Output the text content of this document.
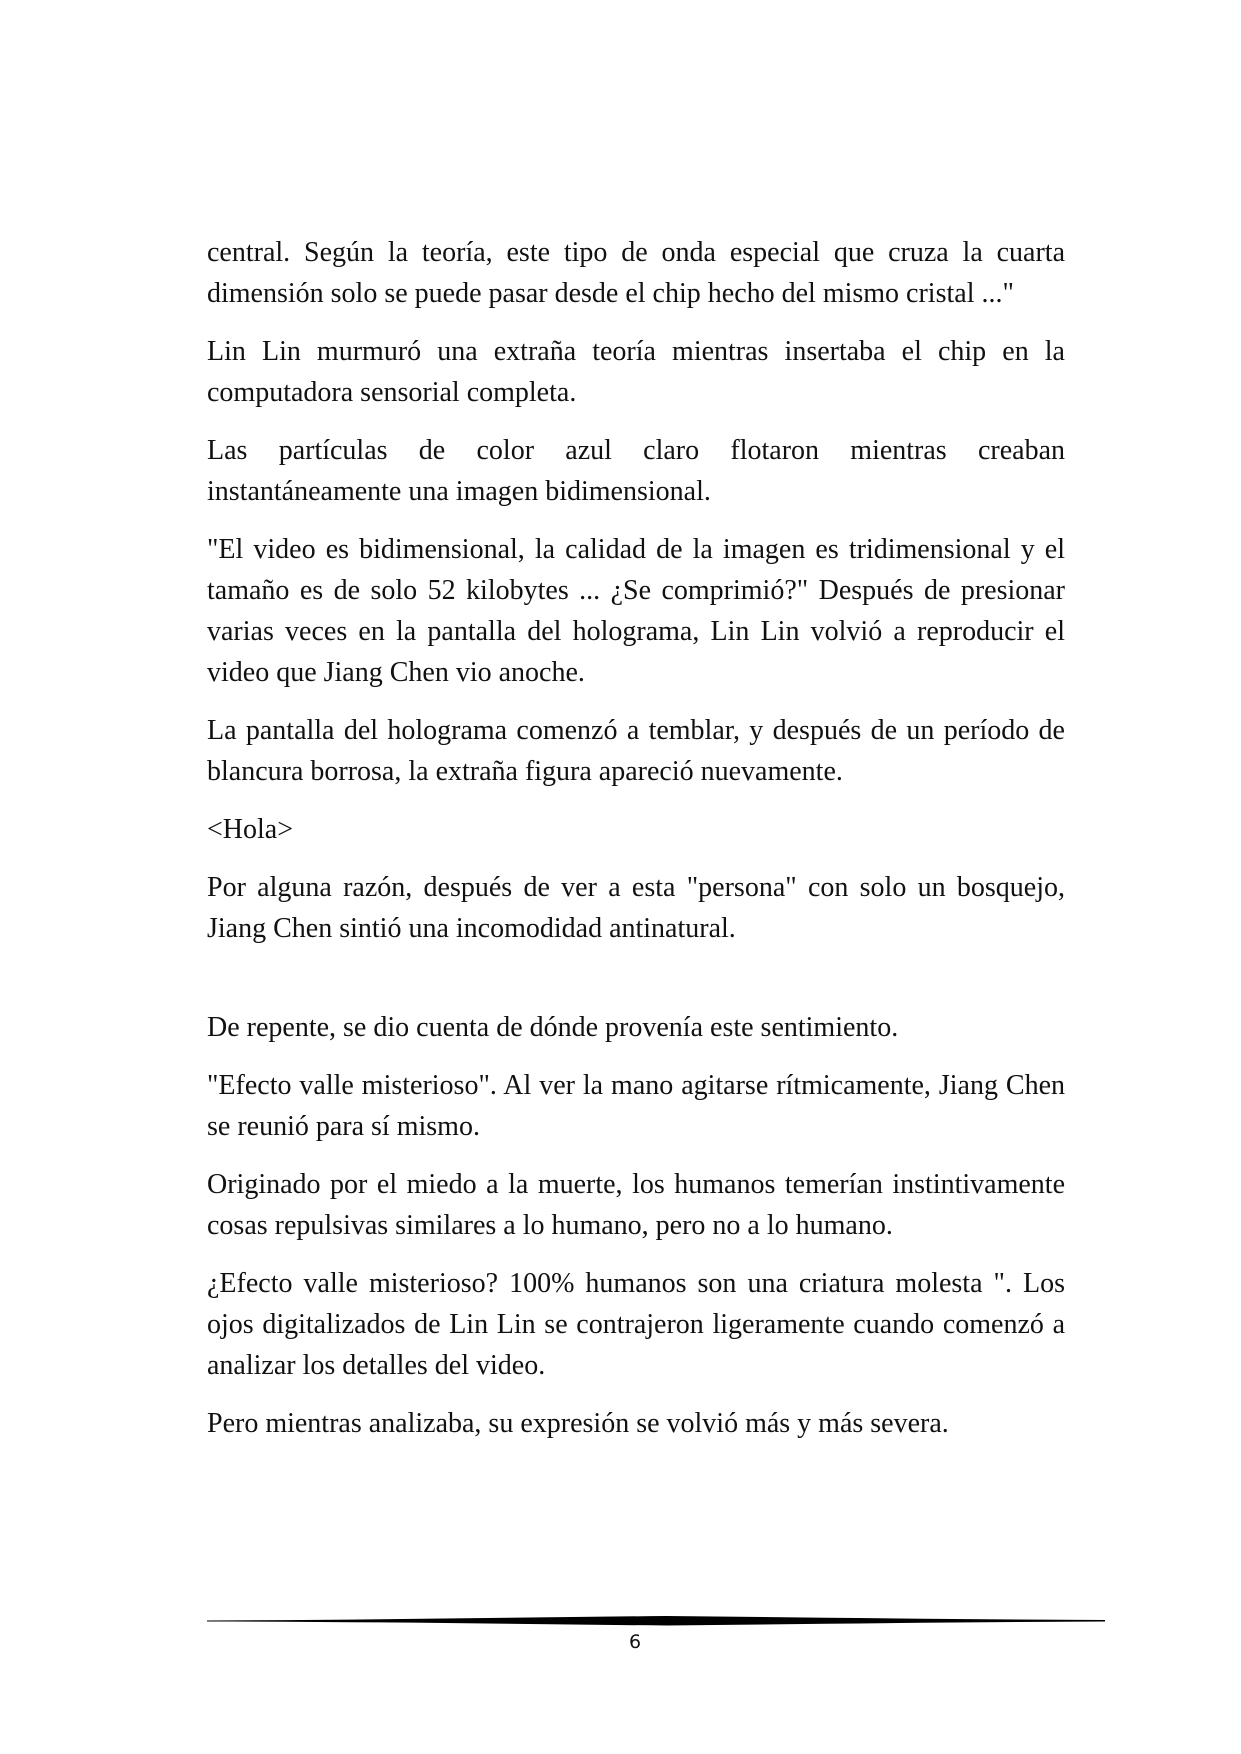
central. Según la teoría, este tipo de onda especial que cruza la cuarta dimensión solo se puede pasar desde el chip hecho del mismo cristal ..."

Lin Lin murmuró una extraña teoría mientras insertaba el chip en la computadora sensorial completa.

Las partículas de color azul claro flotaron mientras creaban instantáneamente una imagen bidimensional.

"El video es bidimensional, la calidad de la imagen es tridimensional y el tamaño es de solo 52 kilobytes ... ¿Se comprimió?" Después de presionar varias veces en la pantalla del holograma, Lin Lin volvió a reproducir el video que Jiang Chen vio anoche.

La pantalla del holograma comenzó a temblar, y después de un período de blancura borrosa, la extraña figura apareció nuevamente.

<Hola>

Por alguna razón, después de ver a esta "persona" con solo un bosquejo, Jiang Chen sintió una incomodidad antinatural.

De repente, se dio cuenta de dónde provenía este sentimiento.

"Efecto valle misterioso". Al ver la mano agitarse rítmicamente, Jiang Chen se reunió para sí mismo.

Originado por el miedo a la muerte, los humanos temerían instintivamente cosas repulsivas similares a lo humano, pero no a lo humano.

¿Efecto valle misterioso? 100% humanos son una criatura molesta ". Los ojos digitalizados de Lin Lin se contrajeron ligeramente cuando comenzó a analizar los detalles del video.

Pero mientras analizaba, su expresión se volvió más y más severa.

6
